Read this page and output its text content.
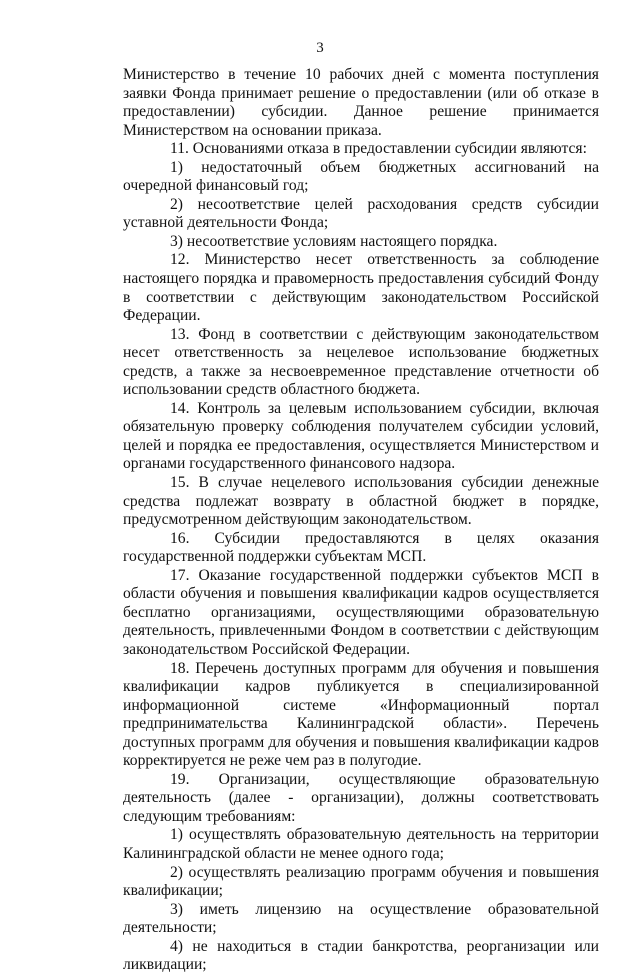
3

Министерство в течение 10 рабочих дней с момента поступления заявки Фонда принимает решение о предоставлении (или об отказе в предоставлении) субсидии. Данное решение принимается Министерством на основании приказа.

11. Основаниями отказа в предоставлении субсидии являются:

1) недостаточный объем бюджетных ассигнований на очередной финансовый год;

2) несоответствие целей расходования средств субсидии уставной деятельности Фонда;

3) несоответствие условиям настоящего порядка.

12. Министерство несет ответственность за соблюдение настоящего порядка и правомерность предоставления субсидий Фонду в соответствии с действующим законодательством Российской Федерации.

13. Фонд в соответствии с действующим законодательством несет ответственность за нецелевое использование бюджетных средств, а также за несвоевременное представление отчетности об использовании средств областного бюджета.

14. Контроль за целевым использованием субсидии, включая обязательную проверку соблюдения получателем субсидии условий, целей и порядка ее предоставления, осуществляется Министерством и органами государственного финансового надзора.

15. В случае нецелевого использования субсидии денежные средства подлежат возврату в областной бюджет в порядке, предусмотренном действующим законодательством.

16. Субсидии предоставляются в целях оказания государственной поддержки субъектам МСП.

17. Оказание государственной поддержки субъектов МСП в области обучения и повышения квалификации кадров осуществляется бесплатно организациями, осуществляющими образовательную деятельность, привлеченными Фондом в соответствии с действующим законодательством Российской Федерации.

18. Перечень доступных программ для обучения и повышения квалификации кадров публикуется в специализированной информационной системе «Информационный портал предпринимательства Калининградской области». Перечень доступных программ для обучения и повышения квалификации кадров корректируется не реже чем раз в полугодие.

19. Организации, осуществляющие образовательную деятельность (далее - организации), должны соответствовать следующим требованиям:

1) осуществлять образовательную деятельность на территории Калининградской области не менее одного года;

2) осуществлять реализацию программ обучения и повышения квалификации;

3) иметь лицензию на осуществление образовательной деятельности;

4) не находиться в стадии банкротства, реорганизации или ликвидации;
